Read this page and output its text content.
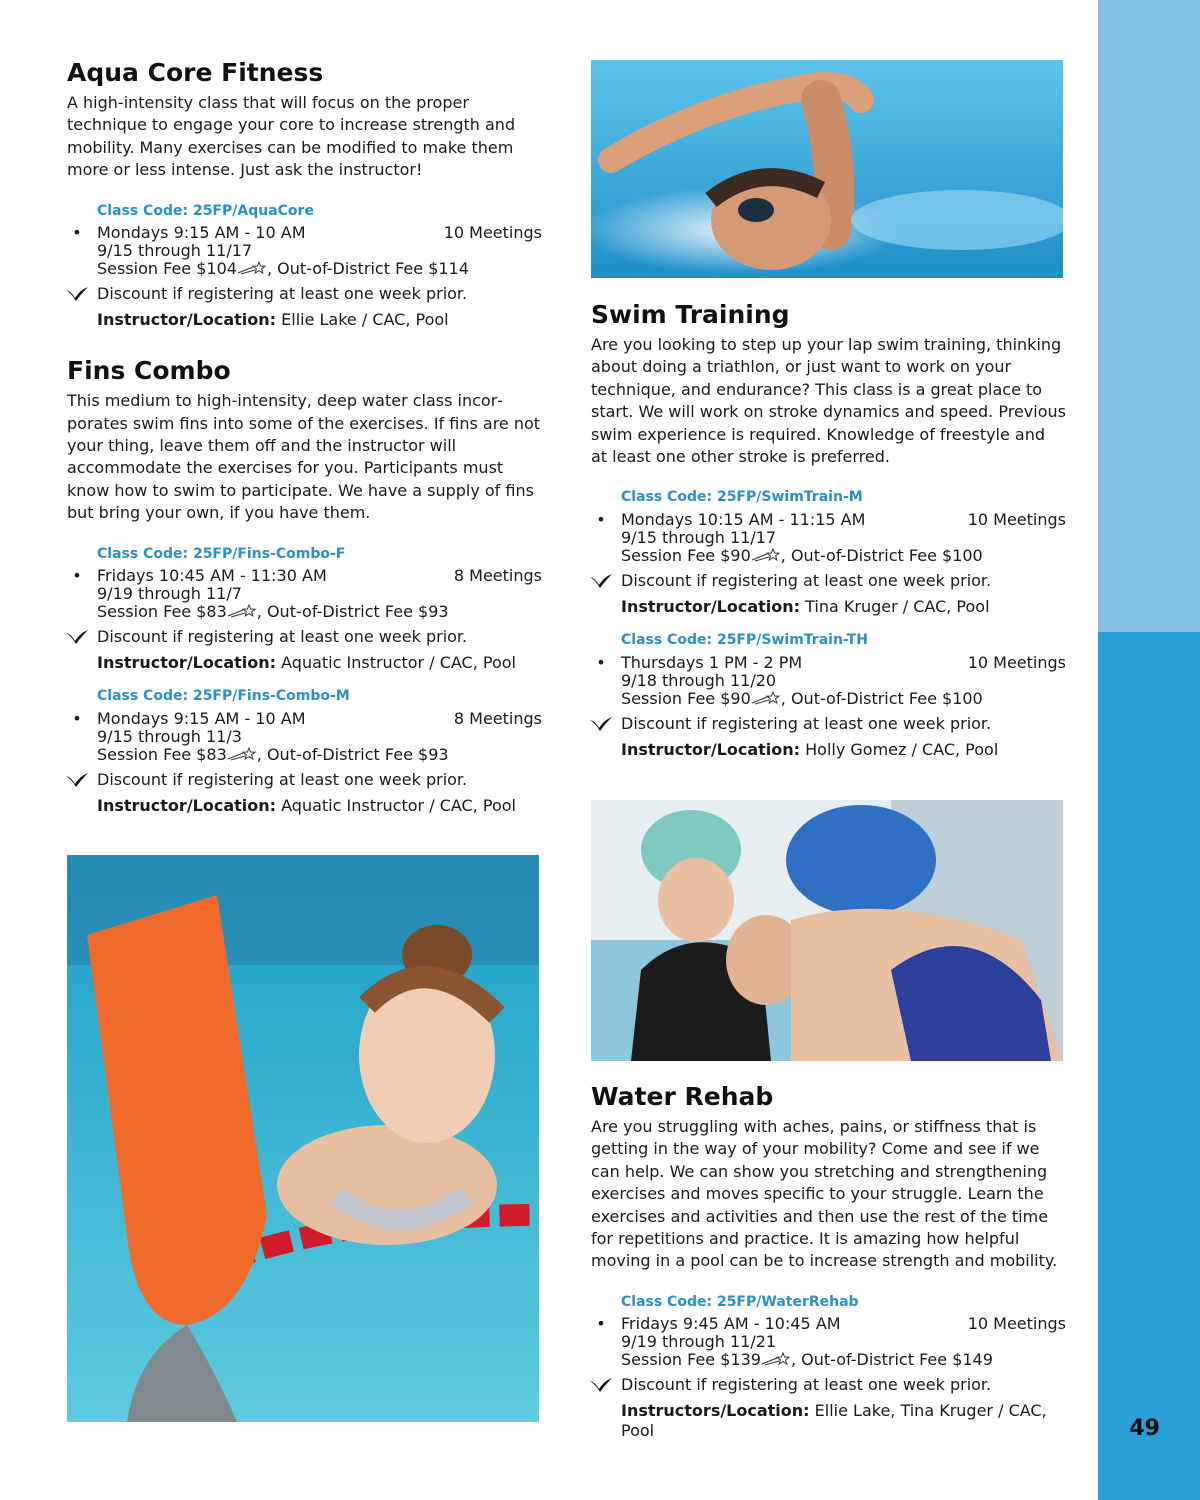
49
Aqua Core Fitness

A high-intensity class that will focus on the proper technique to engage your core to increase strength and mobility. Many exercises can be modified to make them more or less intense. Just ask the instructor!

Class Code: 25FP/AquaCore
• Mondays 9:15 AM - 10 AM	10 Meetings
9/15 through 11/17
Session Fee $104 , Out-of-District Fee $114
Discount if registering at least one week prior.
Instructor/Location: Ellie Lake / CAC, Pool
Fins Combo

This medium to high-intensity, deep water class incorporates swim fins into some of the exercises. If fins are not your thing, leave them off and the instructor will accommodate the exercises for you. Participants must know how to swim to participate. We have a supply of fins but bring your own, if you have them.

Class Code: 25FP/Fins-Combo-F
• Fridays 10:45 AM - 11:30 AM	8 Meetings
9/19 through 11/7
Session Fee $83 , Out-of-District Fee $93
Discount if registering at least one week prior.
Instructor/Location: Aquatic Instructor / CAC, Pool
Class Code: 25FP/Fins-Combo-M
• Mondays 9:15 AM - 10 AM	8 Meetings
9/15 through 11/3
Session Fee $83 , Out-of-District Fee $93
Discount if registering at least one week prior.
Instructor/Location: Aquatic Instructor / CAC, Pool
Swim Training

Are you looking to step up your lap swim training, thinking about doing a triathlon, or just want to work on your technique, and endurance? This class is a great place to start. We will work on stroke dynamics and speed. Previous swim experience is required. Knowledge of freestyle and at least one other stroke is preferred.

Class Code: 25FP/SwimTrain-M
• Mondays 10:15 AM - 11:15 AM	10 Meetings
9/15 through 11/17
Session Fee $90 , Out-of-District Fee $100
Discount if registering at least one week prior.
Instructor/Location: Tina Kruger / CAC, Pool
Class Code: 25FP/SwimTrain-TH
• Thursdays 1 PM - 2 PM	10 Meetings
9/18 through 11/20
Session Fee $90 , Out-of-District Fee $100
Discount if registering at least one week prior.
Instructor/Location: Holly Gomez / CAC, Pool
Water Rehab

Are you struggling with aches, pains, or stiffness that is getting in the way of your mobility? Come and see if we can help. We can show you stretching and strengthening exercises and moves specific to your struggle. Learn the exercises and activities and then use the rest of the time for repetitions and practice. It is amazing how helpful moving in a pool can be to increase strength and mobility.

Class Code: 25FP/WaterRehab
• Fridays 9:45 AM - 10:45 AM	10 Meetings
9/19 through 11/21
Session Fee $139 , Out-of-District Fee $149
Discount if registering at least one week prior.
Instructors/Location: Ellie Lake, Tina Kruger / CAC, Pool
